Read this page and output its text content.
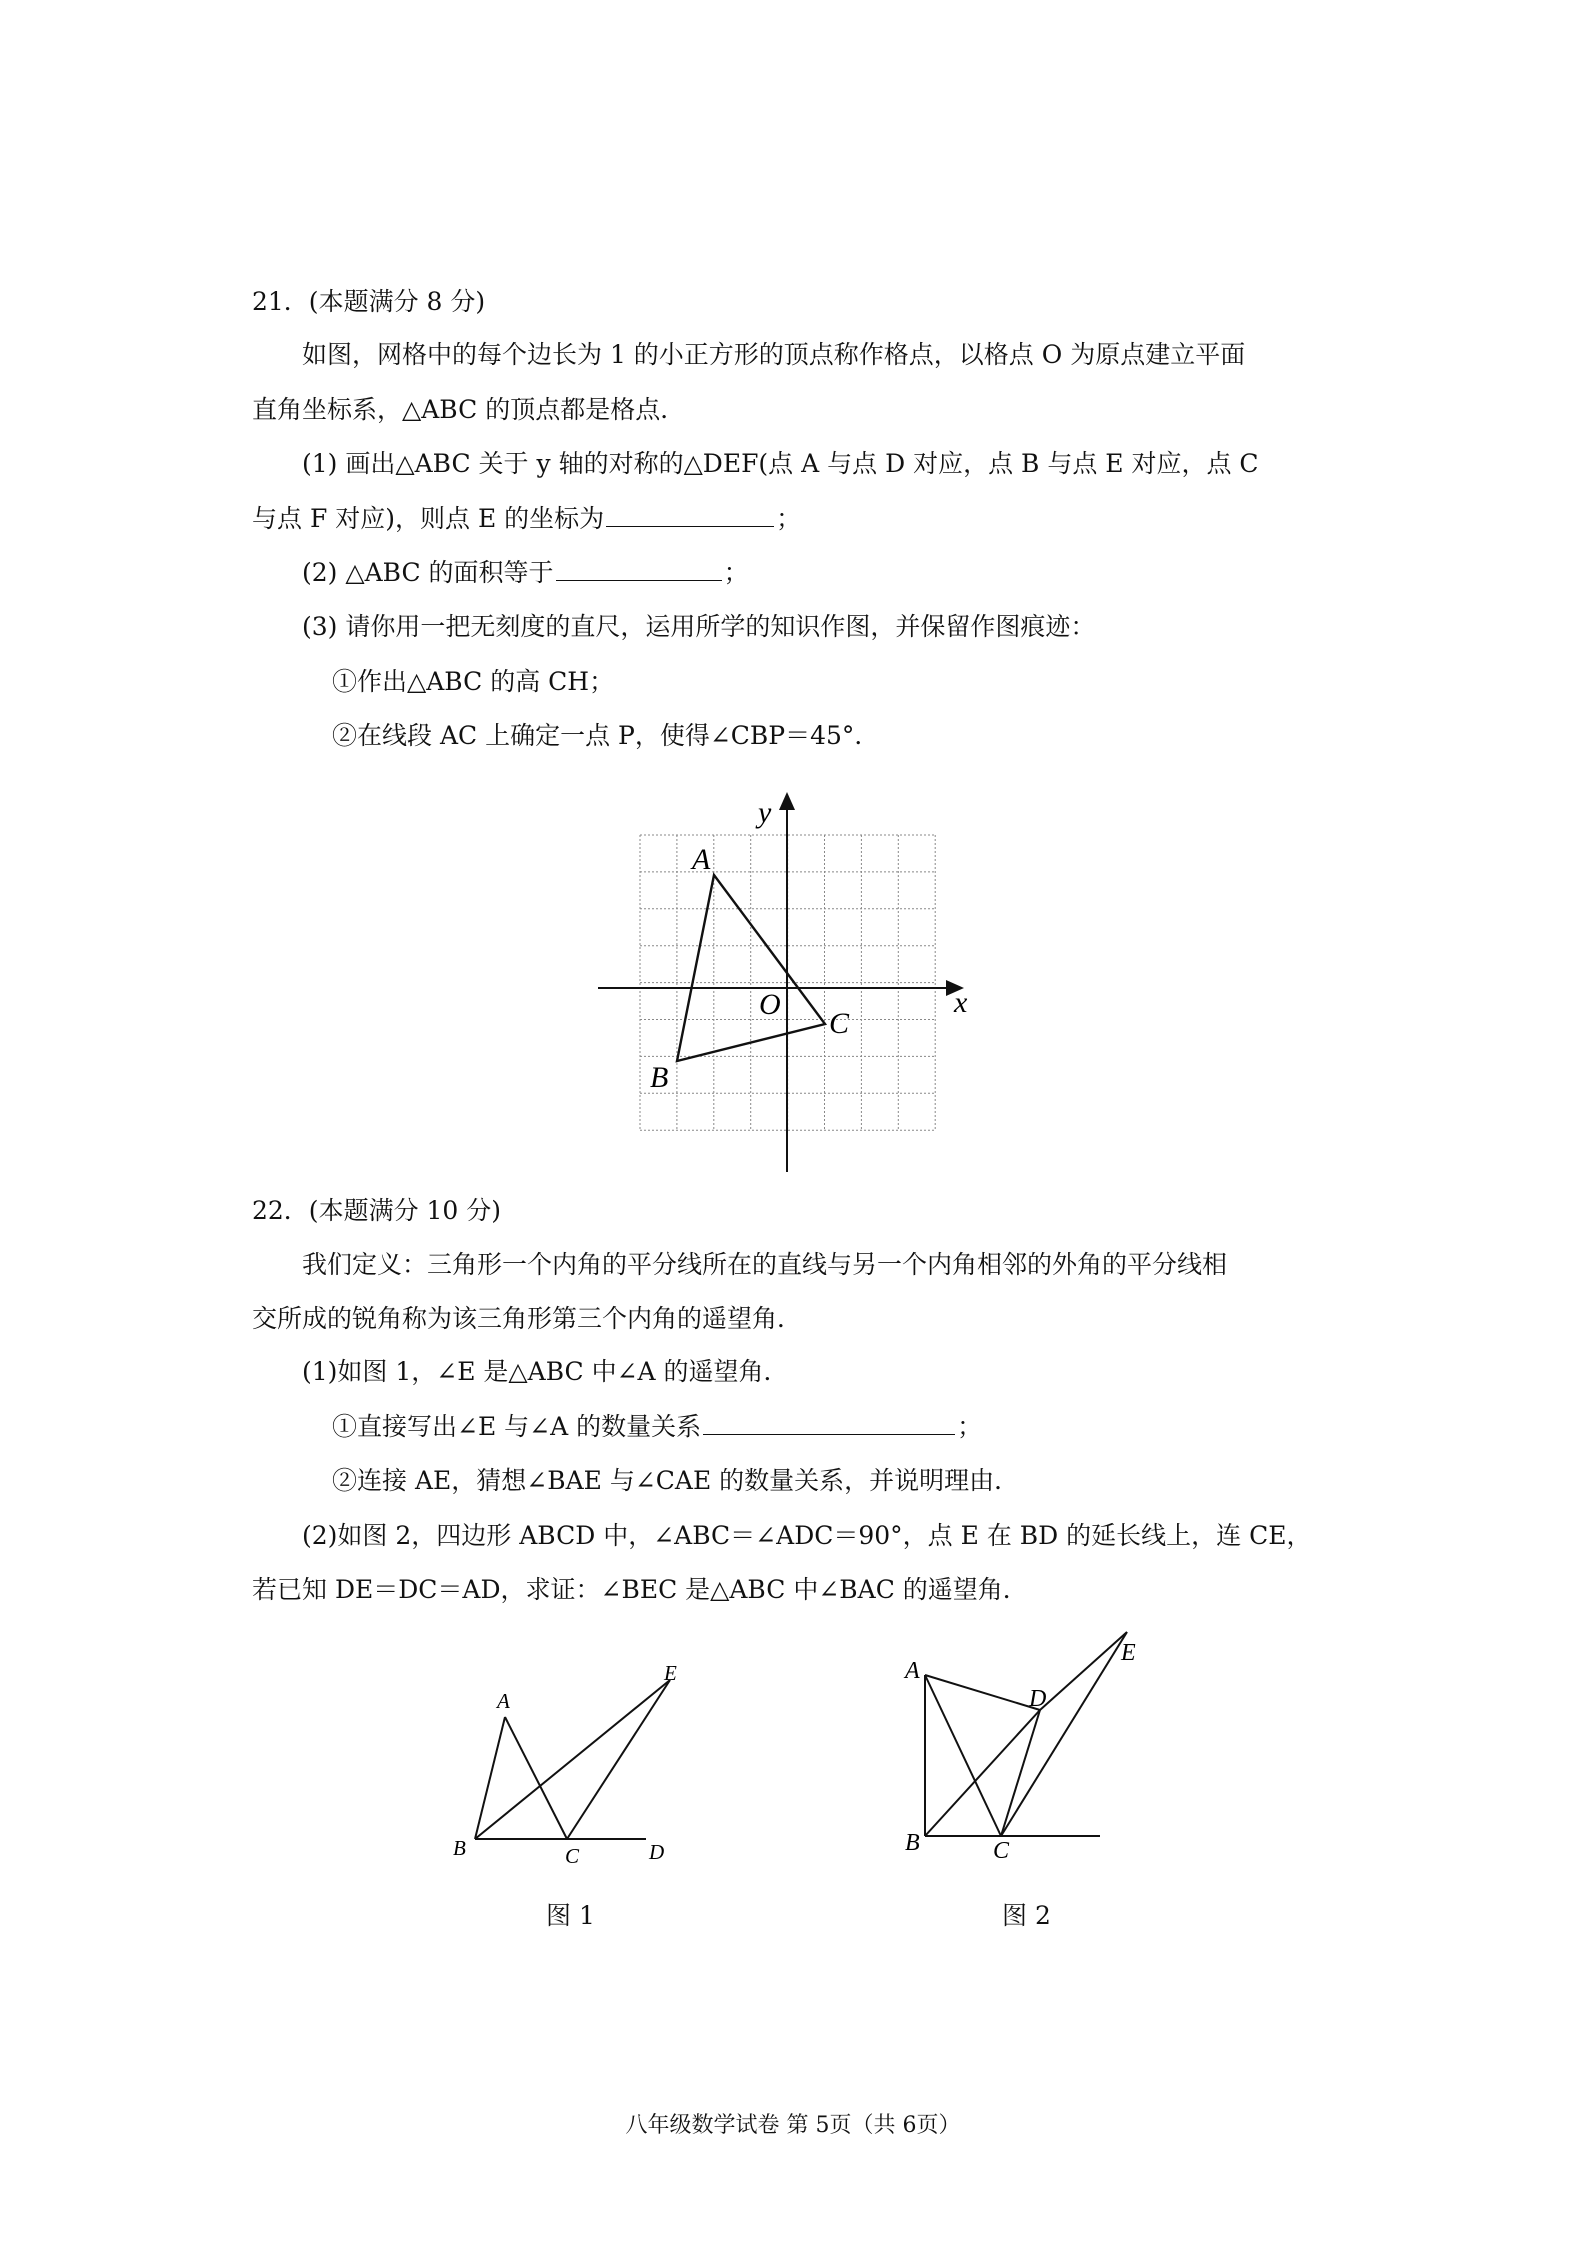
21．(本题满分 8 分)
如图，网格中的每个边长为 1 的小正方形的顶点称作格点，以格点 O 为原点建立平面
直角坐标系，△ABC 的顶点都是格点．
(1) 画出△ABC 关于 y 轴的对称的△DEF(点 A 与点 D 对应，点 B 与点 E 对应，点 C
与点 F 对应)，则点 E 的坐标为	；
(2) △ABC 的面积等于	；
(3) 请你用一把无刻度的直尺，运用所学的知识作图，并保留作图痕迹：
①作出△ABC 的高 CH；
②在线段 AC 上确定一点 P，使得∠CBP＝45°．
x
y
O
A
B
C
22．(本题满分 10 分)
我们定义：三角形一个内角的平分线所在的直线与另一个内角相邻的外角的平分线相
交所成的锐角称为该三角形第三个内角的遥望角．
(1)如图 1，∠E 是△ABC 中∠A 的遥望角．
①直接写出∠E 与∠A 的数量关系	；
②连接 AE，猜想∠BAE 与∠CAE 的数量关系，并说明理由．
(2)如图 2，四边形 ABCD 中，∠ABC＝∠ADC＝90°，点 E 在 BD 的延长线上，连 CE，
若已知 DE＝DC＝AD，求证：∠BEC 是△ABC 中∠BAC 的遥望角．
A
B	C	D
E
图 1
A
B	C
D
E
图 2
八年级数学试卷 第 5页（共 6页）
